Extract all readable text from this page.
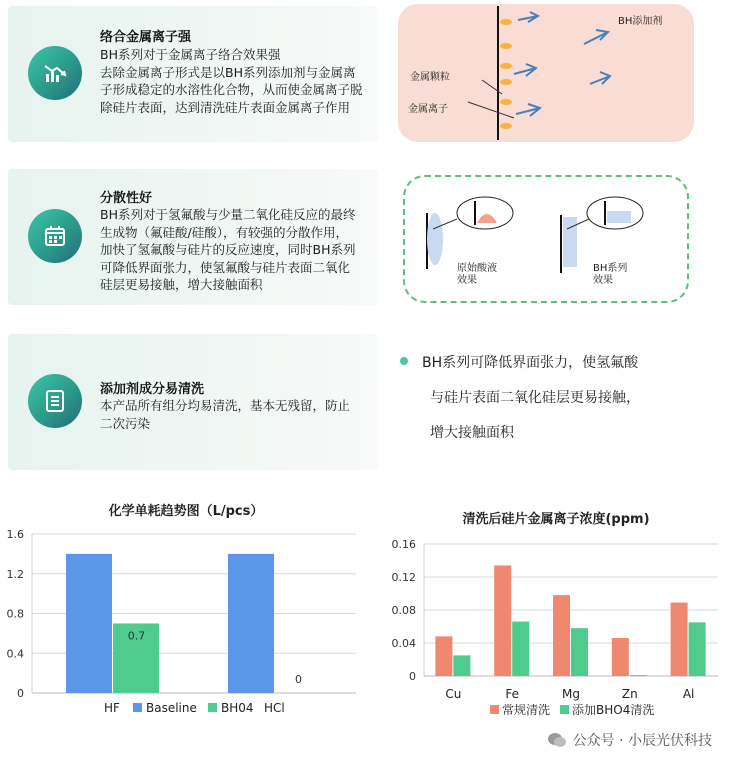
络合金属离子强
BH系列对于金属离子络合效果强
去除金属离子形式是以BH系列添加剂与金属离
子形成稳定的水溶性化合物，从而使金属离子脱
除硅片表面，达到清洗硅片表面金属离子作用
分散性好
BH系列对于氢氟酸与少量二氧化硅反应的最终
生成物（氟硅酸/硅酸），有较强的分散作用，
加快了氢氟酸与硅片的反应速度，同时BH系列
可降低界面张力，使氢氟酸与硅片表面二氧化
硅层更易接触，增大接触面积
添加剂成分易清洗
本产品所有组分均易清洗，基本无残留，防止
二次污染
BH添加剂
金属颗粒
金属离子
原始酸液
效果
BH系列
效果
BH系列可降低界面张力，使氢氟酸
与硅片表面二氧化硅层更易接触，
增大接触面积
化学单耗趋势图（L/pcs）
0
0.4
0.8
1.2
1.6
0.7
0
HF Baseline BH04 HCl
清洗后硅片金属离子浓度(ppm)
0
0.04
0.08
0.12
0.16
Cu	Fe	Mg	Zn	Al
常规清洗 添加BHO4清洗
公众号 · 小辰光伏科技
